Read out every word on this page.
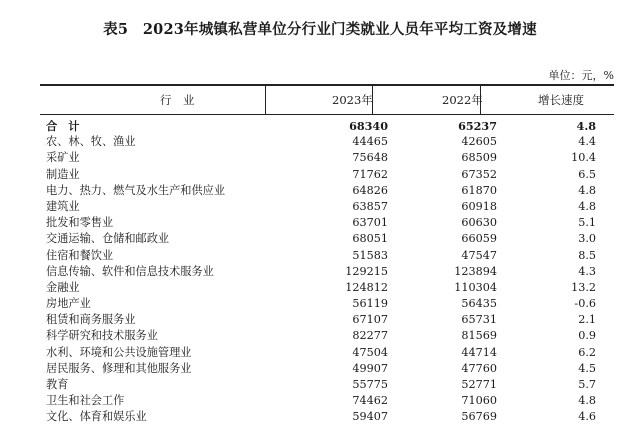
表5　2023年城镇私营单位分行业门类就业人员年平均工资及增速
单位：元，%
行　业	2023年	2022年	增长速度
合计	68340	65237	4.8
农、林、牧、渔业	44465	42605	4.4
采矿业	75648	68509	10.4
制造业	71762	67352	6.5
电力、热力、燃气及水生产和供应业	64826	61870	4.8
建筑业	63857	60918	4.8
批发和零售业	63701	60630	5.1
交通运输、仓储和邮政业	68051	66059	3.0
住宿和餐饮业	51583	47547	8.5
信息传输、软件和信息技术服务业	129215	123894	4.3
金融业	124812	110304	13.2
房地产业	56119	56435	-0.6
租赁和商务服务业	67107	65731	2.1
科学研究和技术服务业	82277	81569	0.9
水利、环境和公共设施管理业	47504	44714	6.2
居民服务、修理和其他服务业	49907	47760	4.5
教育	55775	52771	5.7
卫生和社会工作	74462	71060	4.8
文化、体育和娱乐业	59407	56769	4.6
